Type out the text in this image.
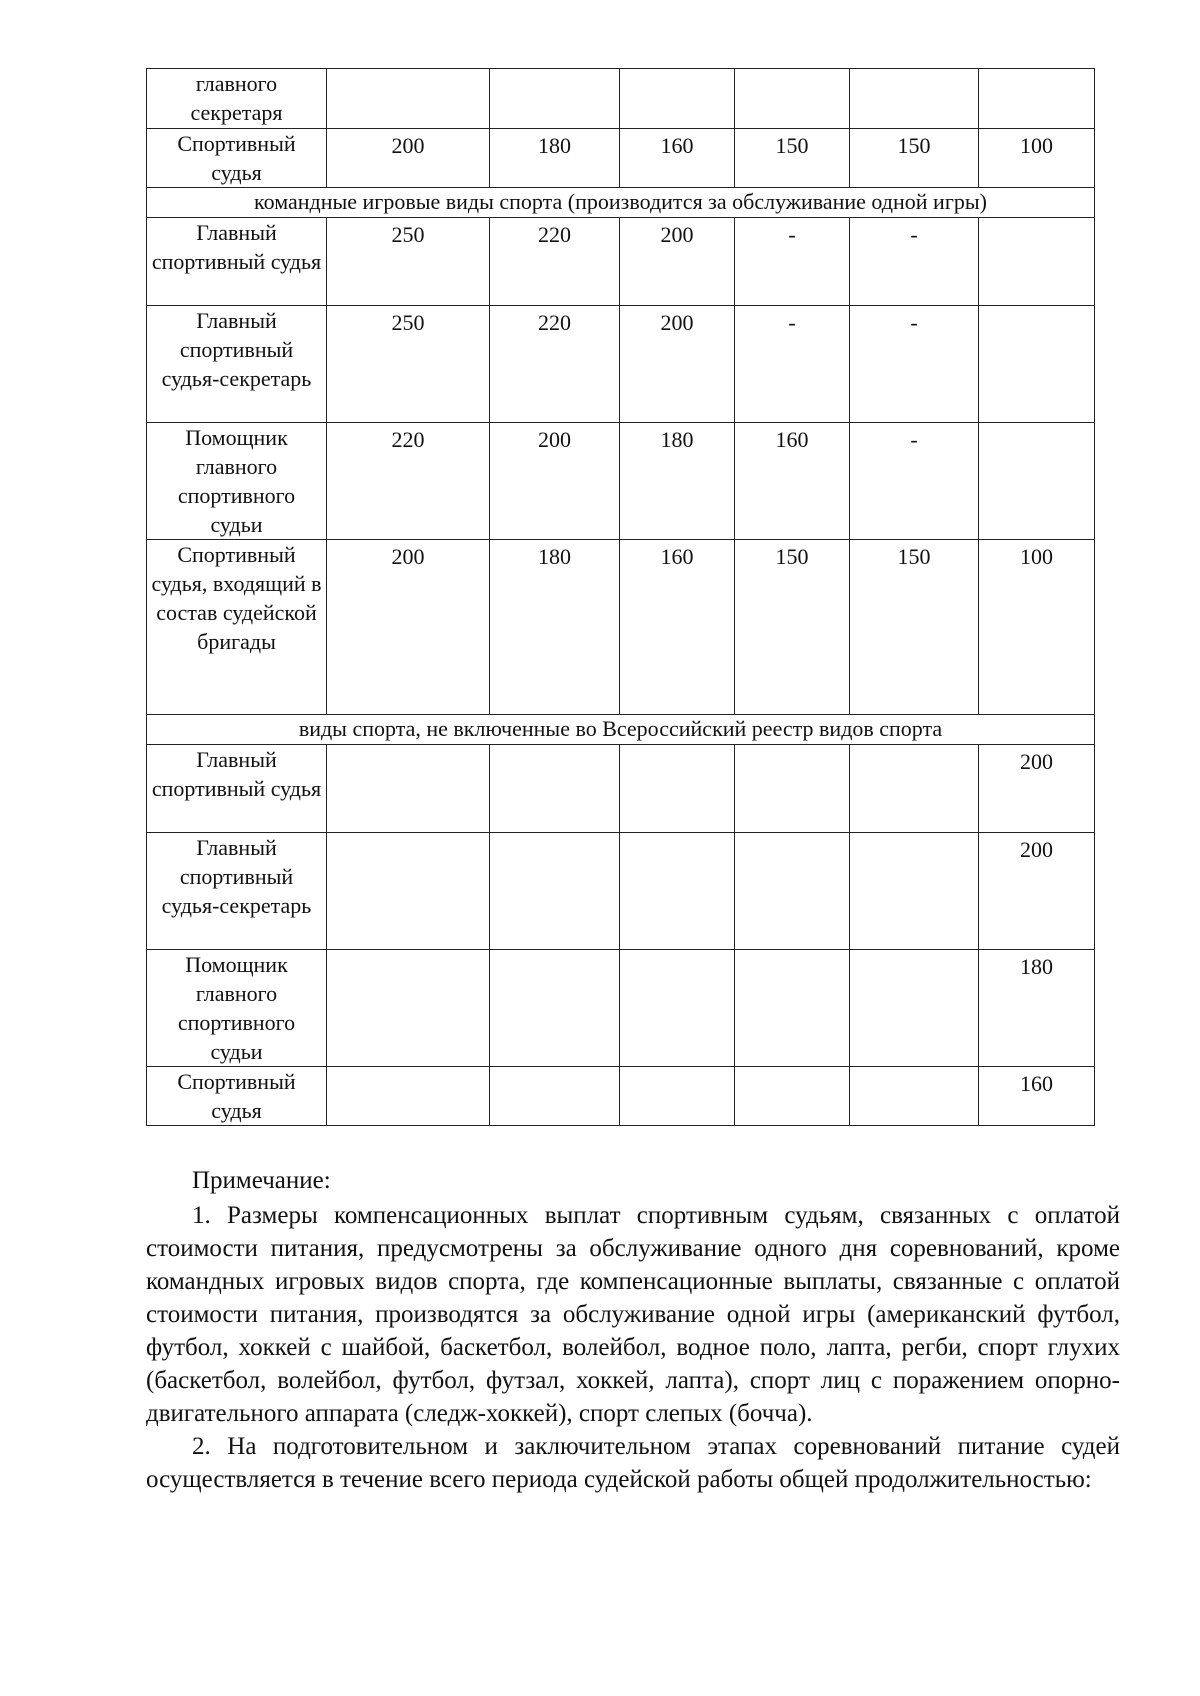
главного секретаря						
Спортивный судья	200	180	160	150	150	100
командные игровые виды спорта (производится за обслуживание одной игры)						
Главный спортивный судья	250	220	200	-	-	
Главный спортивный судья-секретарь	250	220	200	-	-	
Помощник главного спортивного судьи	220	200	180	160	-	
Спортивный судья, входящий в состав судейской бригады	200	180	160	150	150	100
виды спорта, не включенные во Всероссийский реестр видов спорта						
Главный спортивный судья						200
Главный спортивный судья-секретарь						200
Помощник главного спортивного судьи						180
Спортивный судья						160

Примечание:

1. Размеры компенсационных выплат спортивным судьям, связанных с оплатой стоимости питания, предусмотрены за обслуживание одного дня соревнований, кроме командных игровых видов спорта, где компенсационные выплаты, связанные с оплатой стоимости питания, производятся за обслуживание одной игры (американский футбол, футбол, хоккей с шайбой, баскетбол, волейбол, водное поло, лапта, регби, спорт глухих (баскетбол, волейбол, футбол, футзал, хоккей, лапта), спорт лиц с поражением опорно-двигательного аппарата (следж-хоккей), спорт слепых (бочча).

2. На подготовительном и заключительном этапах соревнований питание судей осуществляется в течение всего периода судейской работы общей продолжительностью:
